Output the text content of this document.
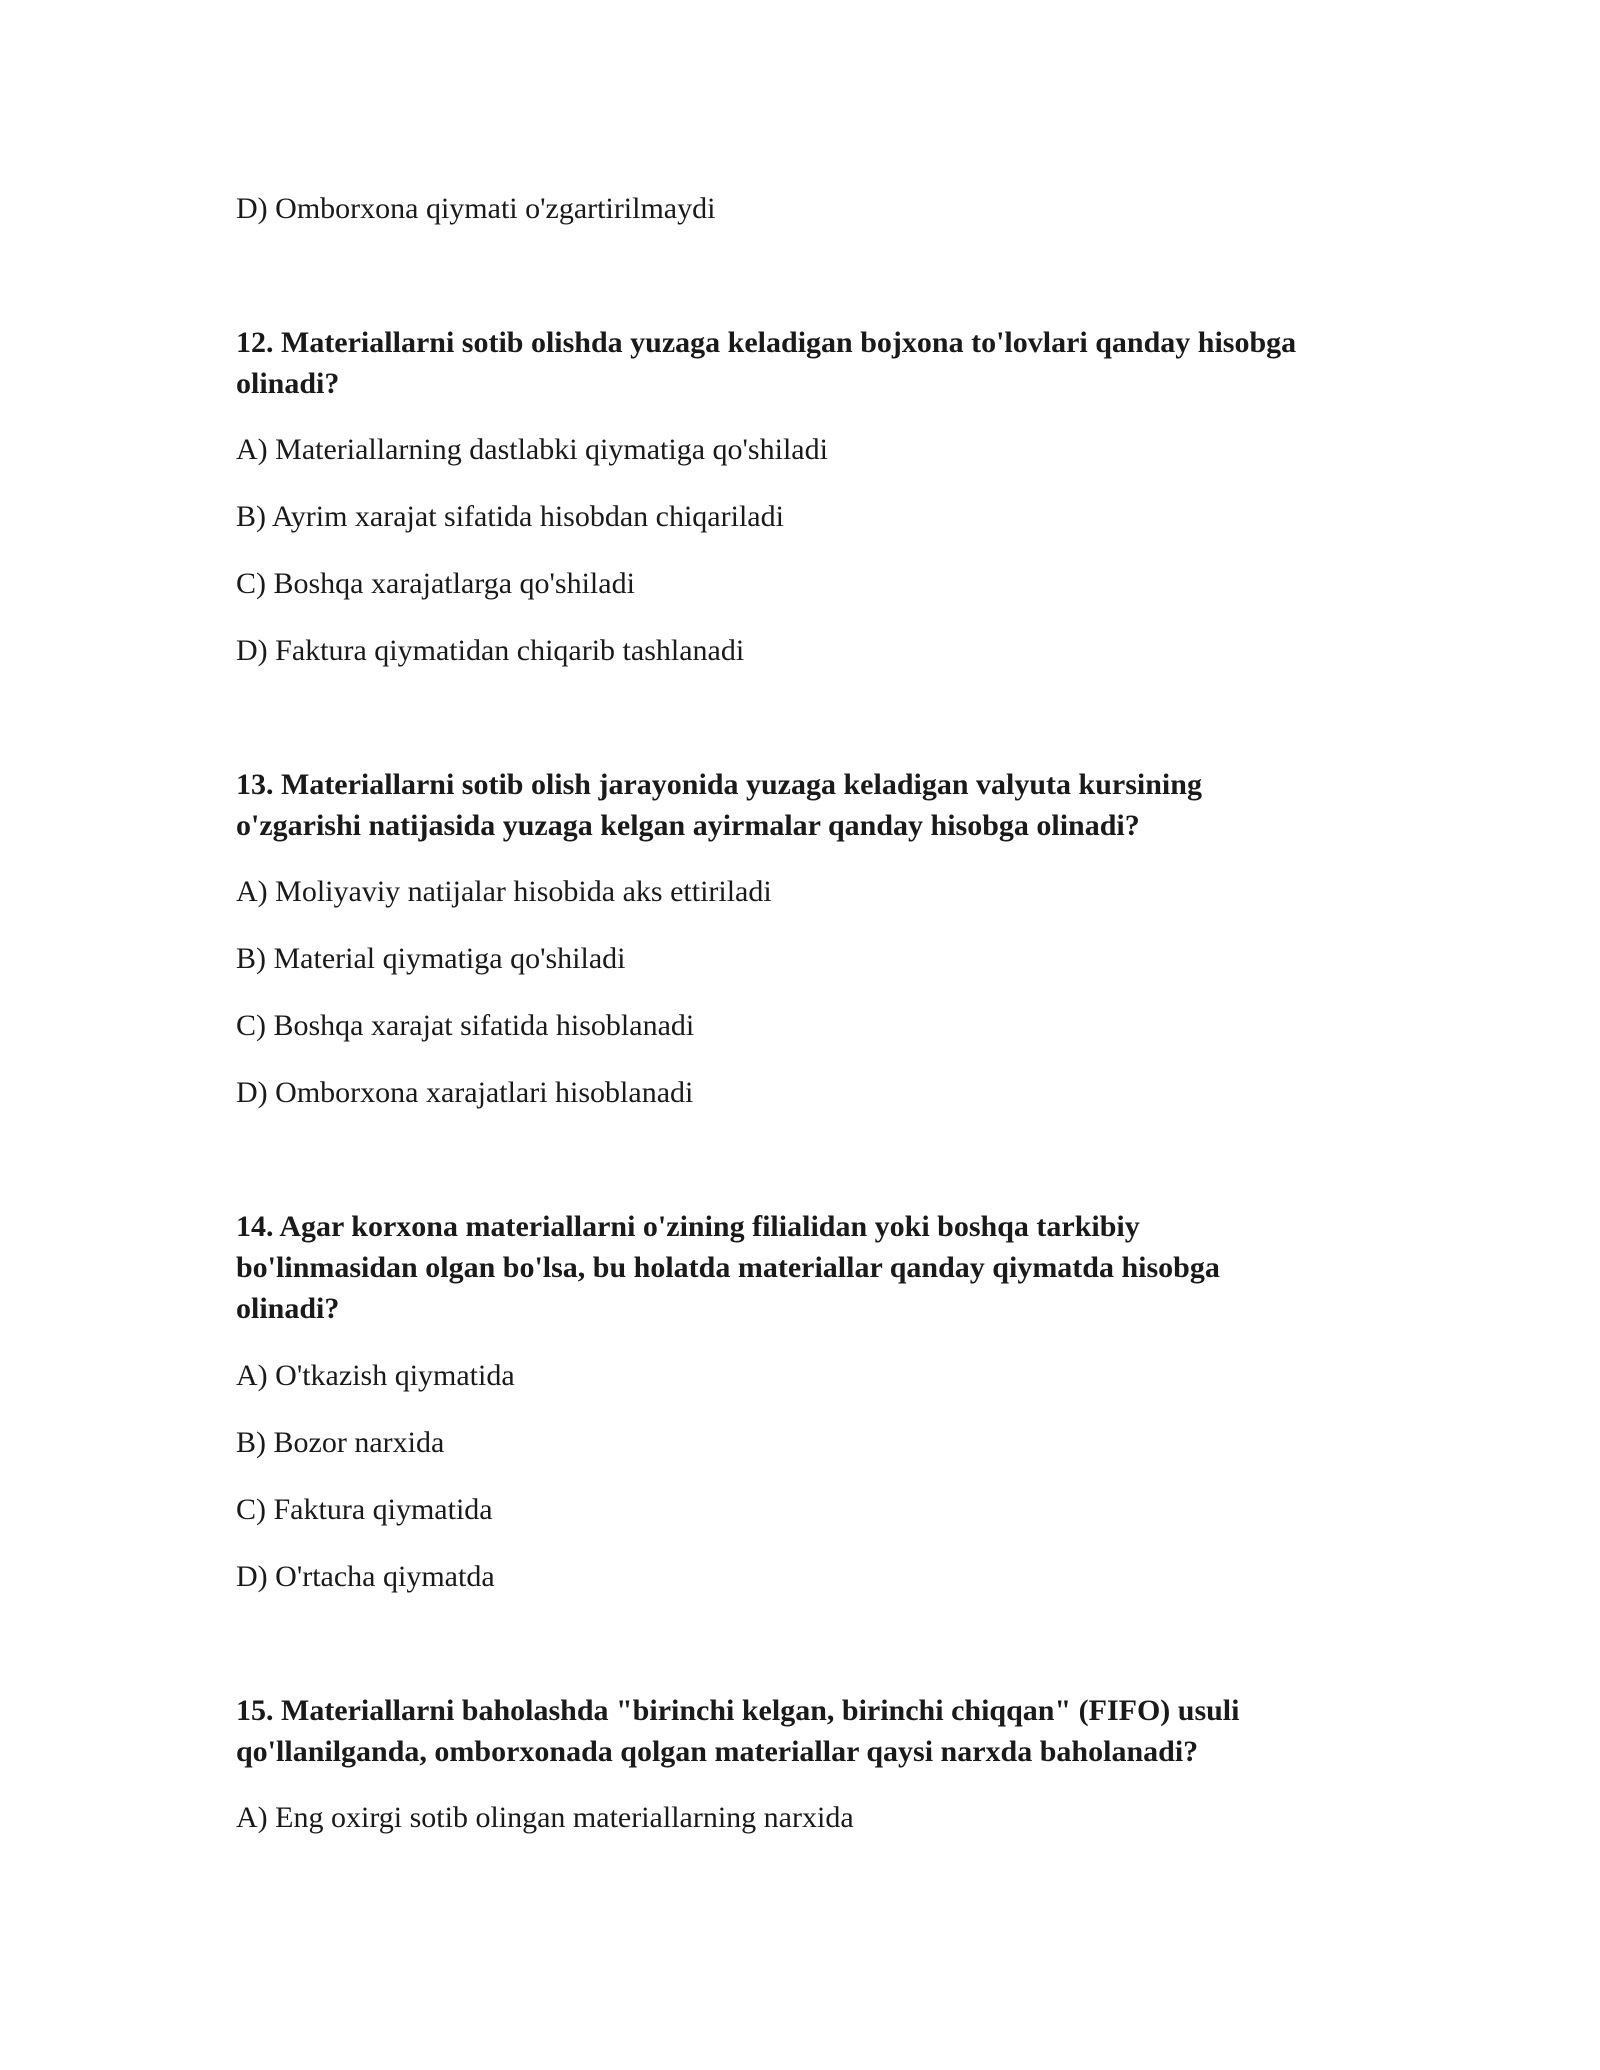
D) Omborxona qiymati o'zgartirilmaydi
12. Materiallarni sotib olishda yuzaga keladigan bojxona to'lovlari qanday hisobga olinadi?
A) Materiallarning dastlabki qiymatiga qo'shiladi
B) Ayrim xarajat sifatida hisobdan chiqariladi
C) Boshqa xarajatlarga qo'shiladi
D) Faktura qiymatidan chiqarib tashlanadi
13. Materiallarni sotib olish jarayonida yuzaga keladigan valyuta kursining o'zgarishi natijasida yuzaga kelgan ayirmalar qanday hisobga olinadi?
A) Moliyaviy natijalar hisobida aks ettiriladi
B) Material qiymatiga qo'shiladi
C) Boshqa xarajat sifatida hisoblanadi
D) Omborxona xarajatlari hisoblanadi
14. Agar korxona materiallarni o'zining filialidan yoki boshqa tarkibiy bo'linmasidan olgan bo'lsa, bu holatda materiallar qanday qiymatda hisobga olinadi?
A) O'tkazish qiymatida
B) Bozor narxida
C) Faktura qiymatida
D) O'rtacha qiymatda
15. Materiallarni baholashda "birinchi kelgan, birinchi chiqqan" (FIFO) usuli qo'llanilganda, omborxonada qolgan materiallar qaysi narxda baholanadi?
A) Eng oxirgi sotib olingan materiallarning narxida
